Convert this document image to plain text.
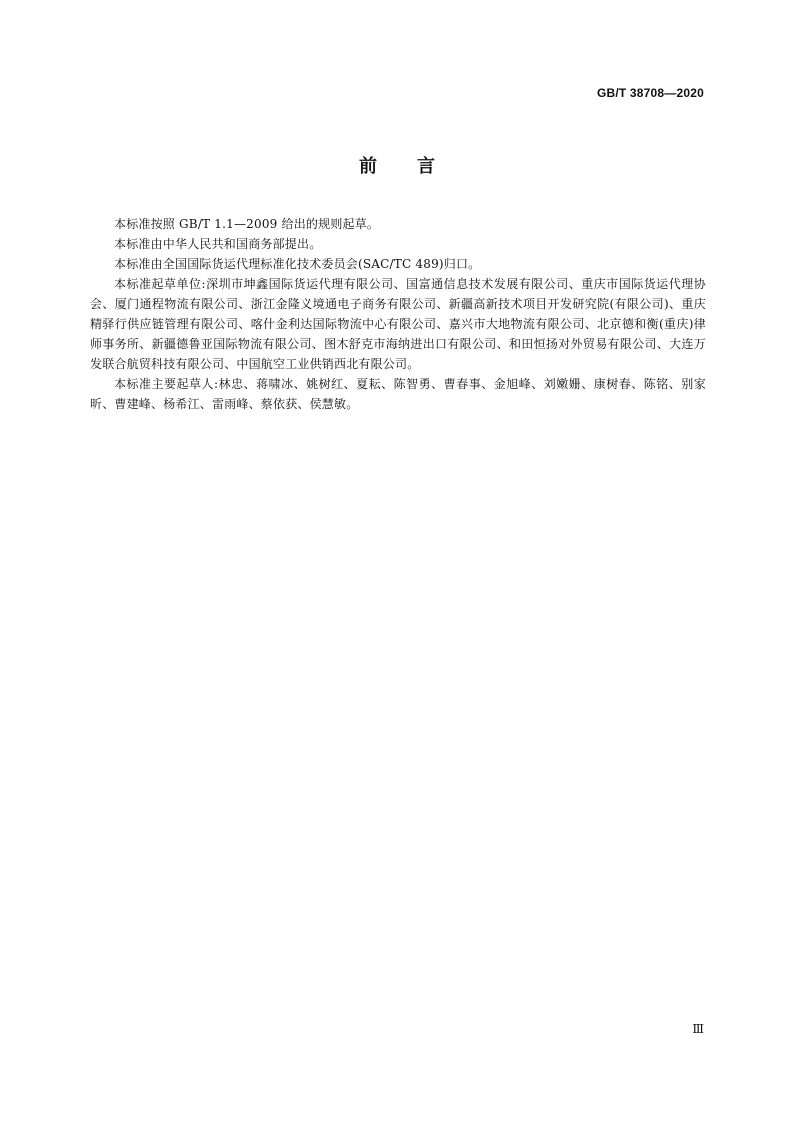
GB/T 38708—2020
前言

本标准按照 GB/T 1.1—2009 给出的规则起草。

本标准由中华人民共和国商务部提出。

本标准由全国国际货运代理标准化技术委员会(SAC/TC 489)归口。

本标准起草单位:深圳市坤鑫国际货运代理有限公司、国富通信息技术发展有限公司、重庆市国际货运代理协会、厦门通程物流有限公司、浙江金隆义境通电子商务有限公司、新疆高新技术项目开发研究院(有限公司)、重庆精驿行供应链管理有限公司、喀什金利达国际物流中心有限公司、嘉兴市大地物流有限公司、北京德和衡(重庆)律师事务所、新疆德鲁亚国际物流有限公司、图木舒克市海纳进出口有限公司、和田恒扬对外贸易有限公司、大连万发联合航贸科技有限公司、中国航空工业供销西北有限公司。

本标准主要起草人:林忠、蒋啸冰、姚树红、夏耘、陈智勇、曹春事、金旭峰、刘嫩姗、康树春、陈铭、别家昕、曹建峰、杨希江、雷雨峰、蔡依获、侯慧敏。

Ⅲ
